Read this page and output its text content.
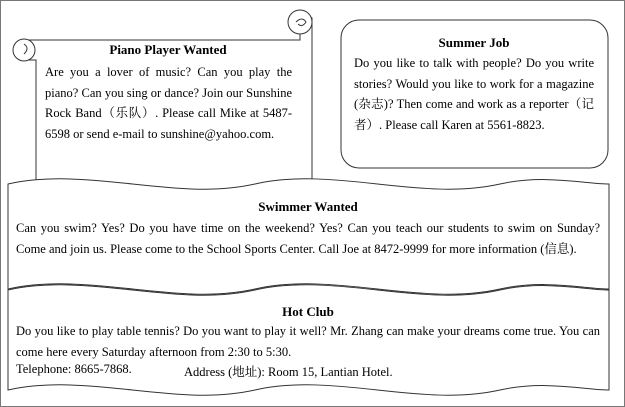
Piano Player Wanted
Are you a lover of music? Can you play the piano? Can you sing or dance? Join our Sunshine Rock Band（乐队）. Please call Mike at 5487-6598 or send e-mail to sunshine@yahoo.com.
Summer Job
Do you like to talk with people? Do you write stories? Would you like to work for a magazine (杂志)? Then come and work as a reporter（记者）. Please call Karen at 5561-8823.
Swimmer Wanted
Can you swim? Yes? Do you have time on the weekend? Yes? Can you teach our students to swim on Sunday? Come and join us. Please come to the School Sports Center. Call Joe at 8472-9999 for more information (信息).
Hot Club
Do you like to play table tennis? Do you want to play it well? Mr. Zhang can make your dreams come true. You can come here every Saturday afternoon from 2:30 to 5:30.
Telephone: 8665-7868.	Address (地址): Room 15, Lantian Hotel.
